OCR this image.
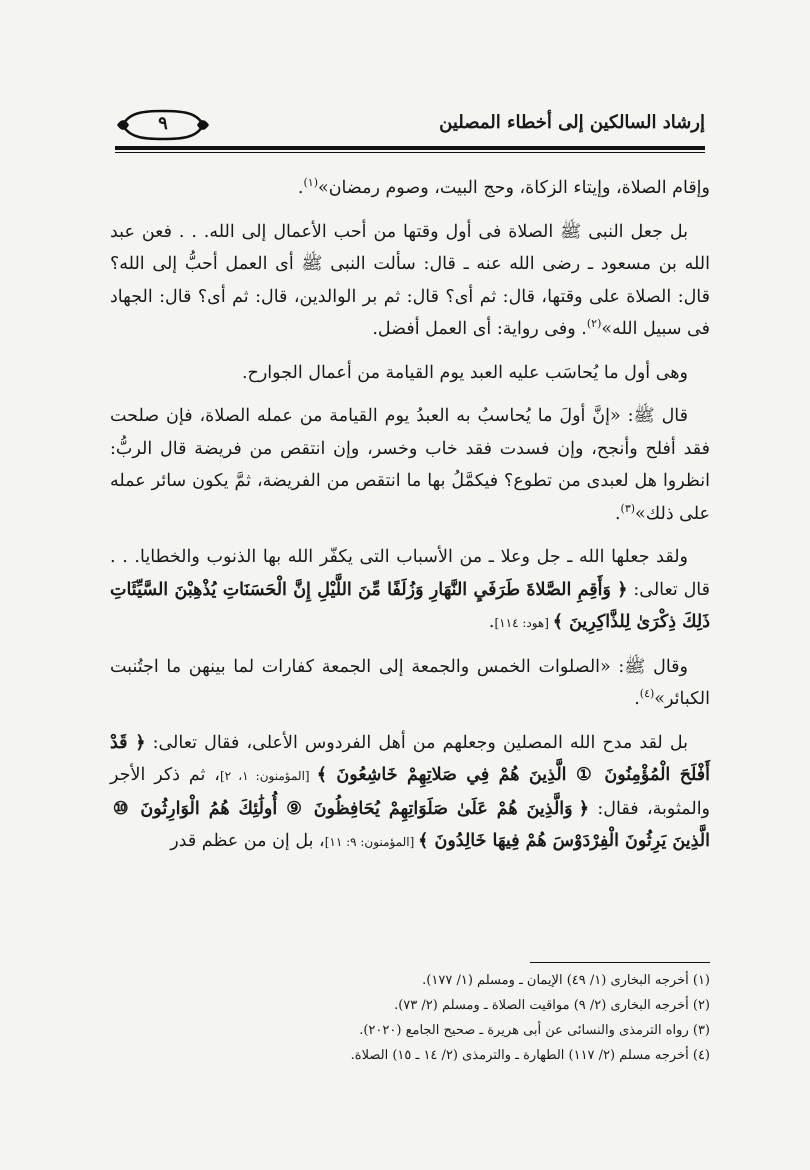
إرشاد السالكين إلى أخطاء المصلين
٩

وإقام الصلاة، وإيتاء الزكاة، وحج البيت، وصوم رمضان»$^{(١)}$.

بل جعل النبى ﷺ الصلاة فى أول وقتها من أحب الأعمال إلى الله. . . فعن عبد الله بن مسعود ـ رضى الله عنه ـ قال: سألت النبى ﷺ أى العمل أحبُّ إلى الله؟ قال: الصلاة على وقتها، قال: ثم أى؟ قال: ثم بر الوالدين، قال: ثم أى؟ قال: الجهاد فى سبيل الله»$^{(٢)}$. وفى رواية: أى العمل أفضل.

وهى أول ما يُحاسَب عليه العبد يوم القيامة من أعمال الجوارح.

قال ﷺ: «إنَّ أولَ ما يُحاسبُ به العبدُ يوم القيامة من عمله الصلاة، فإن صلحت فقد أفلح وأنجح، وإن فسدت فقد خاب وخسر، وإن انتقص من فريضة قال الربُّ: انظروا هل لعبدى من تطوع؟ فيكمَّلُ بها ما انتقص من الفريضة، ثمَّ يكون سائر عمله على ذلك»$^{(٣)}$.

ولقد جعلها الله ـ جل وعلا ـ من الأسباب التى يكفّر الله بها الذنوب والخطايا. . . قال تعالى: ﴿ وَأَقِمِ الصَّلاةَ طَرَفَيِ النَّهَارِ وَزُلَفًا مِّنَ اللَّيْلِ إِنَّ الْحَسَنَاتِ يُذْهِبْنَ السَّيِّئَاتِ ذَلِكَ ذِكْرَىٰ لِلذَّاكِرِينَ ﴾ [هود: ١١٤].

وقال ﷺ: «الصلوات الخمس والجمعة إلى الجمعة كفارات لما بينهن ما اجتُنبت الكبائر»$^{(٤)}$.

بل لقد مدح الله المصلين وجعلهم من أهل الفردوس الأعلى، فقال تعالى: ﴿ قَدْ أَفْلَحَ الْمُؤْمِنُونَ ① الَّذِينَ هُمْ فِي صَلاتِهِمْ خَاشِعُونَ ﴾ [المؤمنون: ١، ٢]، ثم ذكر الأجر والمثوبة، فقال: ﴿ وَالَّذِينَ هُمْ عَلَىٰ صَلَوَاتِهِمْ يُحَافِظُونَ ⑨ أُولَٰئِكَ هُمُ الْوَارِثُونَ ⑩ الَّذِينَ يَرِثُونَ الْفِرْدَوْسَ هُمْ فِيهَا خَالِدُونَ ﴾ [المؤمنون: ٩: ١١]، بل إن من عظم قدر

(١) أخرجه البخارى (١/ ٤٩) الإيمان ـ ومسلم (١/ ١٧٧).
(٢) أخرجه البخارى (٢/ ٩) مواقيت الصلاة ـ ومسلم (٢/ ٧٣).
(٣) رواه الترمذى والنسائى عن أبى هريرة ـ صحيح الجامع (٢٠٢٠).
(٤) أخرجه مسلم (٢/ ١١٧) الطهارة ـ والترمذى (٢/ ١٤ ـ ١٥) الصلاة.
